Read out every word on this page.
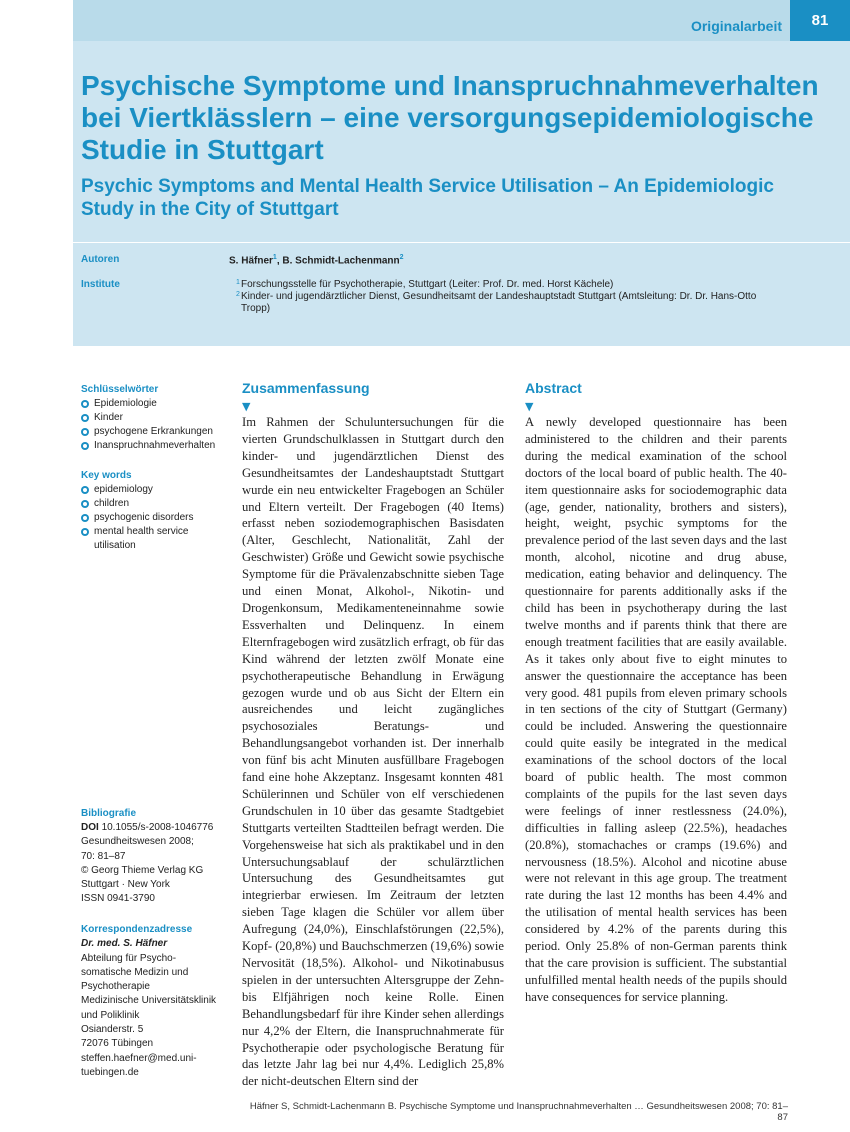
Originalarbeit	81
Psychische Symptome und Inanspruchnahmeverhalten bei Viertklässlern – eine versorgungsepidemiologische Studie in Stuttgart
Psychic Symptoms and Mental Health Service Utilisation – An Epidemiologic Study in the City of Stuttgart
Autoren	S. Häfner$^1$, B. Schmidt-Lachenmann$^2$
Institute	1 Forschungsstelle für Psychotherapie, Stuttgart (Leiter: Prof. Dr. med. Horst Kächele)

2 Kinder- und jugendärztlicher Dienst, Gesundheitsamt der Landeshauptstadt Stuttgart (Amtsleitung: Dr. Dr. Hans-Otto Tropp)

Schlüsselwörter

Epidemiologie
Kinder
psychogene Erkrankungen
Inanspruchnahmeverhalten

Key words

epidemiology
children
psychogenic disorders
mental health service utilisation

Bibliografie

DOI 10.1055/s-2008-1046776

Gesundheitswesen 2008;

70: 81–87

© Georg Thieme Verlag KG

Stuttgart · New York

ISSN 0941-3790

Korrespondenzadresse

Dr. med. S. Häfner

Abteilung für Psycho-

somatische Medizin und

Psychotherapie

Medizinische Universitätsklinik

und Poliklinik

Osianderstr. 5

72076 Tübingen

steffen.haefner@med.uni-

tuebingen.de

Zusammenfassung
▼

Im Rahmen der Schuluntersuchungen für die vierten Grundschulklassen in Stuttgart durch den kinder- und jugendärztlichen Dienst des Gesundheitsamtes der Landeshauptstadt Stuttgart wurde ein neu entwickelter Fragebogen an Schüler und Eltern verteilt. Der Fragebogen (40 Items) erfasst neben soziodemographischen Basisdaten (Alter, Geschlecht, Nationalität, Zahl der Geschwister) Größe und Gewicht sowie psychische Symptome für die Prävalenzabschnitte sieben Tage und einen Monat, Alkohol-, Nikotin- und Drogenkonsum, Medikamenteneinnahme sowie Essverhalten und Delinquenz. In einem Elternfragebogen wird zusätzlich erfragt, ob für das Kind während der letzten zwölf Monate eine psychotherapeutische Behandlung in Erwägung gezogen wurde und ob aus Sicht der Eltern ein ausreichendes und leicht zugängliches psychosoziales Beratungs- und Behandlungsangebot vorhanden ist. Der innerhalb von fünf bis acht Minuten ausfüllbare Fragebogen fand eine hohe Akzeptanz. Insgesamt konnten 481 Schülerinnen und Schüler von elf verschiedenen Grundschulen in 10 über das gesamte Stadtgebiet Stuttgarts verteilten Stadtteilen befragt werden. Die Vorgehensweise hat sich als praktikabel und in den Untersuchungsablauf der schulärztlichen Untersuchung des Gesundheitsamtes gut integrierbar erwiesen. Im Zeitraum der letzten sieben Tage klagen die Schüler vor allem über Aufregung (24,0%), Einschlafstörungen (22,5%), Kopf- (20,8%) und Bauchschmerzen (19,6%) sowie Nervosität (18,5%). Alkohol- und Nikotinabusus spielen in der untersuchten Altersgruppe der Zehn- bis Elfjährigen noch keine Rolle. Einen Behandlungsbedarf für ihre Kinder sehen allerdings nur 4,2% der Eltern, die Inanspruchnahmerate für Psychotherapie oder psychologische Beratung für das letzte Jahr lag bei nur 4,4%. Lediglich 25,8% der nicht-deutschen Eltern sind der

Abstract
▼

A newly developed questionnaire has been administered to the children and their parents during the medical examination of the school doctors of the local board of public health. The 40-item questionnaire asks for sociodemographic data (age, gender, nationality, brothers and sisters), height, weight, psychic symptoms for the prevalence period of the last seven days and the last month, alcohol, nicotine and drug abuse, medication, eating behavior and delinquency. The questionnaire for parents additionally asks if the child has been in psychotherapy during the last twelve months and if parents think that there are enough treatment facilities that are easily available. As it takes only about five to eight minutes to answer the questionnaire the acceptance has been very good. 481 pupils from eleven primary schools in ten sections of the city of Stuttgart (Germany) could be included. Answering the questionnaire could quite easily be integrated in the medical examinations of the school doctors of the local board of public health. The most common complaints of the pupils for the last seven days were feelings of inner restlessness (24.0%), difficulties in falling asleep (22.5%), headaches (20.8%), stomachaches or cramps (19.6%) and nervousness (18.5%). Alcohol and nicotine abuse were not relevant in this age group. The treatment rate during the last 12 months has been 4.4% and the utilisation of mental health services has been considered by 4.2% of the parents during this period. Only 25.8% of non-German parents think that the care provision is sufficient. The substantial unfulfilled mental health needs of the pupils should have consequences for service planning.

Häfner S, Schmidt-Lachenmann B. Psychische Symptome und Inanspruchnahmeverhalten … Gesundheitswesen 2008; 70: 81–87
